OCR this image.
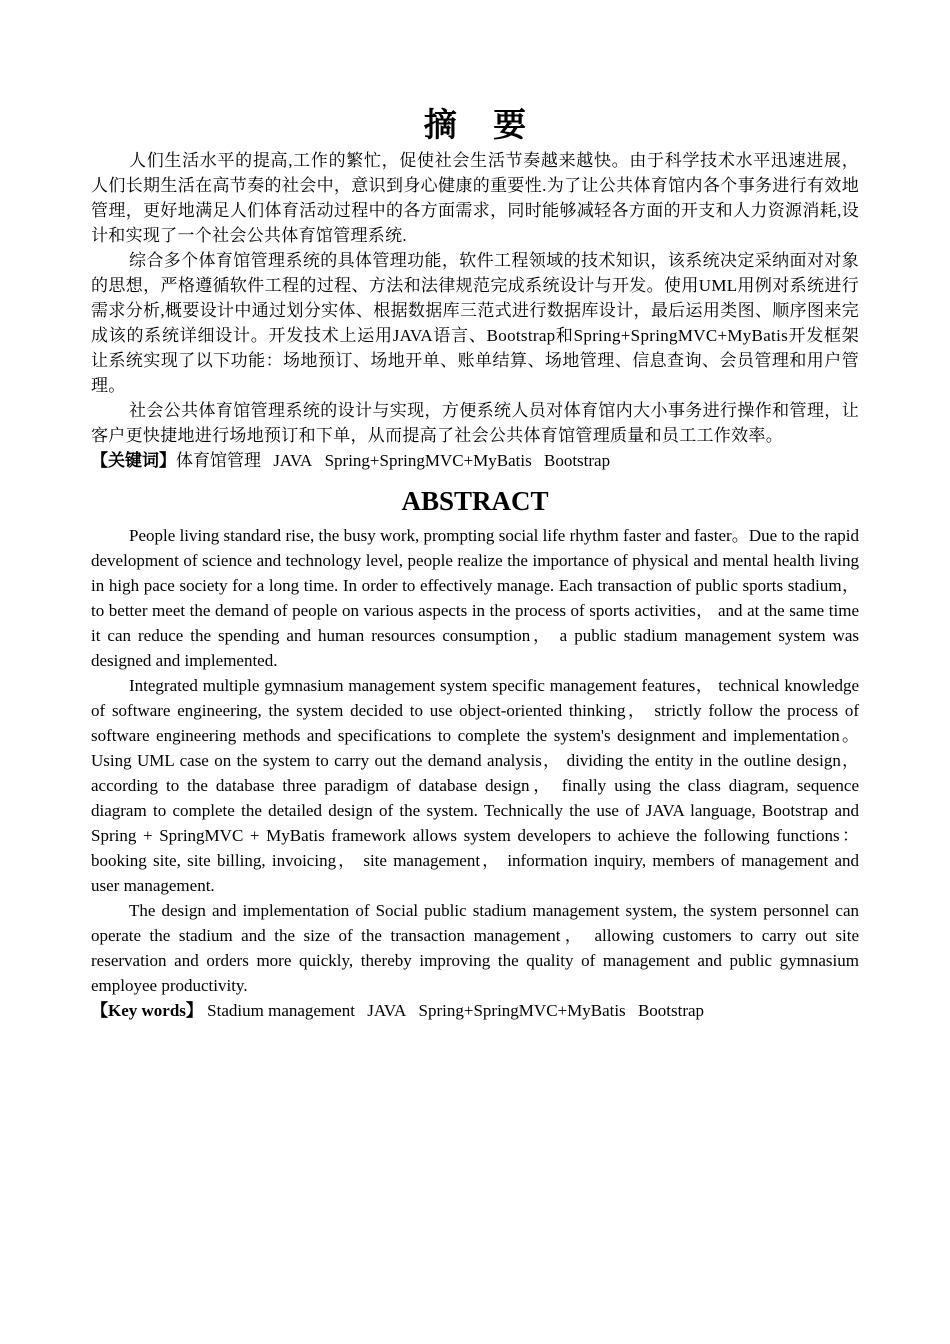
摘 要

人们生活水平的提高,工作的繁忙，促使社会生活节奏越来越快。由于科学技术水平迅速进展，人们长期生活在高节奏的社会中，意识到身心健康的重要性.为了让公共体育馆内各个事务进行有效地管理，更好地满足人们体育活动过程中的各方面需求，同时能够减轻各方面的开支和人力资源消耗,设计和实现了一个社会公共体育馆管理系统.

综合多个体育馆管理系统的具体管理功能，软件工程领域的技术知识，该系统决定采纳面对对象的思想，严格遵循软件工程的过程、方法和法律规范完成系统设计与开发。使用UML用例对系统进行需求分析,概要设计中通过划分实体、根据数据库三范式进行数据库设计，最后运用类图、顺序图来完成该的系统详细设计。开发技术上运用JAVA语言、Bootstrap和Spring+SpringMVC+MyBatis开发框架让系统实现了以下功能：场地预订、场地开单、账单结算、场地管理、信息查询、会员管理和用户管理。

社会公共体育馆管理系统的设计与实现，方便系统人员对体育馆内大小事务进行操作和管理，让客户更快捷地进行场地预订和下单，从而提高了社会公共体育馆管理质量和员工工作效率。

【关键词】体育馆管理 JAVA Spring+SpringMVC+MyBatis Bootstrap

ABSTRACT

People living standard rise, the busy work, prompting social life rhythm faster and faster。Due to the rapid development of science and technology level, people realize the importance of physical and mental health living in high pace society for a long time. In order to effectively manage. Each transaction of public sports stadium， to better meet the demand of people on various aspects in the process of sports activities， and at the same time it can reduce the spending and human resources consumption， a public stadium management system was designed and implemented.

Integrated multiple gymnasium management system specific management features， technical knowledge of software engineering, the system decided to use object-oriented thinking， strictly follow the process of software engineering methods and specifications to complete the system's designment and implementation。 Using UML case on the system to carry out the demand analysis， dividing the entity in the outline design， according to the database three paradigm of database design， finally using the class diagram, sequence diagram to complete the detailed design of the system. Technically the use of JAVA language, Bootstrap and Spring + SpringMVC + MyBatis framework allows system developers to achieve the following functions： booking site, site billing, invoicing， site management， information inquiry, members of management and user management.

The design and implementation of Social public stadium management system, the system personnel can operate the stadium and the size of the transaction management， allowing customers to carry out site reservation and orders more quickly, thereby improving the quality of management and public gymnasium employee productivity.

【Key words】 Stadium management JAVA Spring+SpringMVC+MyBatis Bootstrap
